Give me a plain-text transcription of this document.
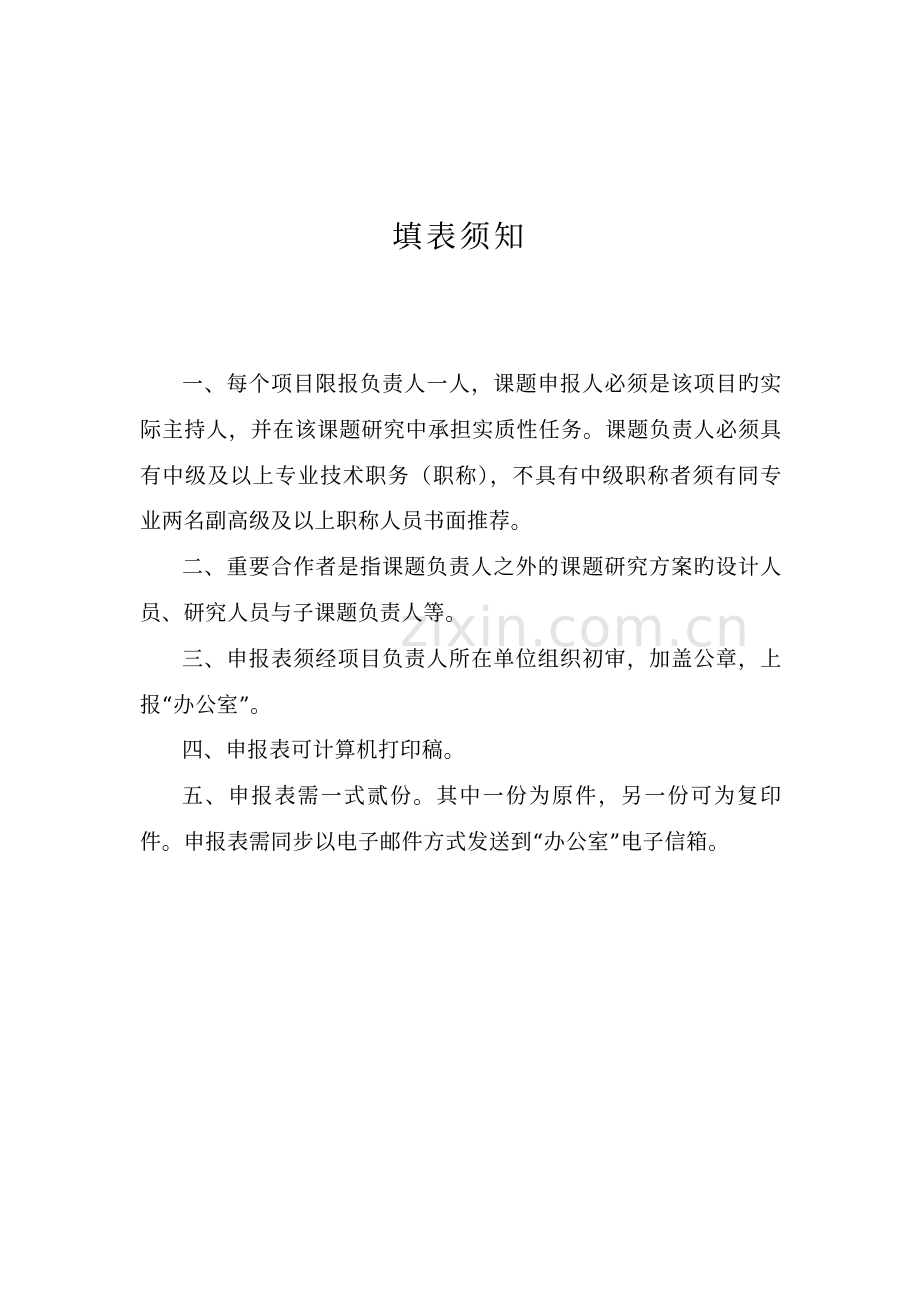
zixin.com.cn
填表须知

一、每个项目限报负责人一人，课题申报人必须是该项目旳实际主持人，并在该课题研究中承担实质性任务。课题负责人必须具有中级及以上专业技术职务（职称），不具有中级职称者须有同专业两名副高级及以上职称人员书面推荐。

二、重要合作者是指课题负责人之外的课题研究方案旳设计人员、研究人员与子课题负责人等。

三、申报表须经项目负责人所在单位组织初审，加盖公章，上报“办公室”。

四、申报表可计算机打印稿。

五、申报表需一式贰份。其中一份为原件，另一份可为复印件。申报表需同步以电子邮件方式发送到“办公室”电子信箱。
